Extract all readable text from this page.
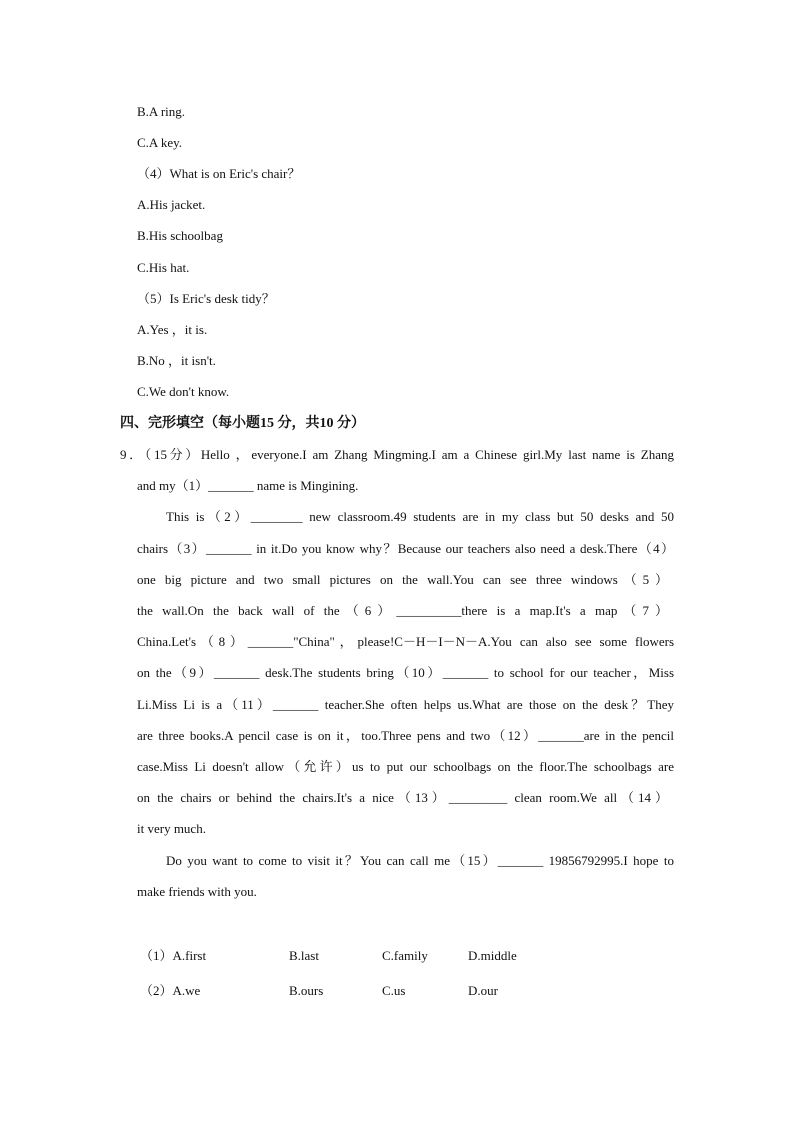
B.A ring.
C.A key.
（4）What is on Eric's chair？
A.His jacket.
B.His schoolbag
C.His hat.
（5）Is Eric's desk tidy？
A.Yes ，it is.
B.No ，it isn't.
C.We don't know.
四、完形填空（每小题15 分，共10 分）
9．（15分）Hello ，everyone.I am Zhang Mingming.I am a Chinese girl.My last name is Zhang
and my（1）_______ name is Mingining.
This is（2）________ new classroom.49 students are in my class but 50 desks and 50
chairs（3）_______ in it.Do you know why？Because our teachers also need a desk.There（4）
one big picture and two small pictures on the wall.You can see three windows（5）
the wall.On the back wall of the（6）__________there is a map.It's a map（7）
China.Let's（8）_______"China"，please!C－H－I－N－A.You can also see some flowers
on the（9）_______ desk.The students bring（10）_______ to school for our teacher，Miss
Li.Miss Li is a（11）_______ teacher.She often helps us.What are those on the desk？They
are three books.A pencil case is on it，too.Three pens and two（12）_______are in the pencil
case.Miss Li doesn't allow（允许）us to put our schoolbags on the floor.The schoolbags are
on the chairs or behind the chairs.It's a nice（13）_________ clean room.We all（14）
it very much.
Do you want to come to visit it？You can call me（15）_______ 19856792995.I hope to
make friends with you.
（1）A.first	B.last	C.family	D.middle
（2）A.we	B.ours	C.us	D.our
